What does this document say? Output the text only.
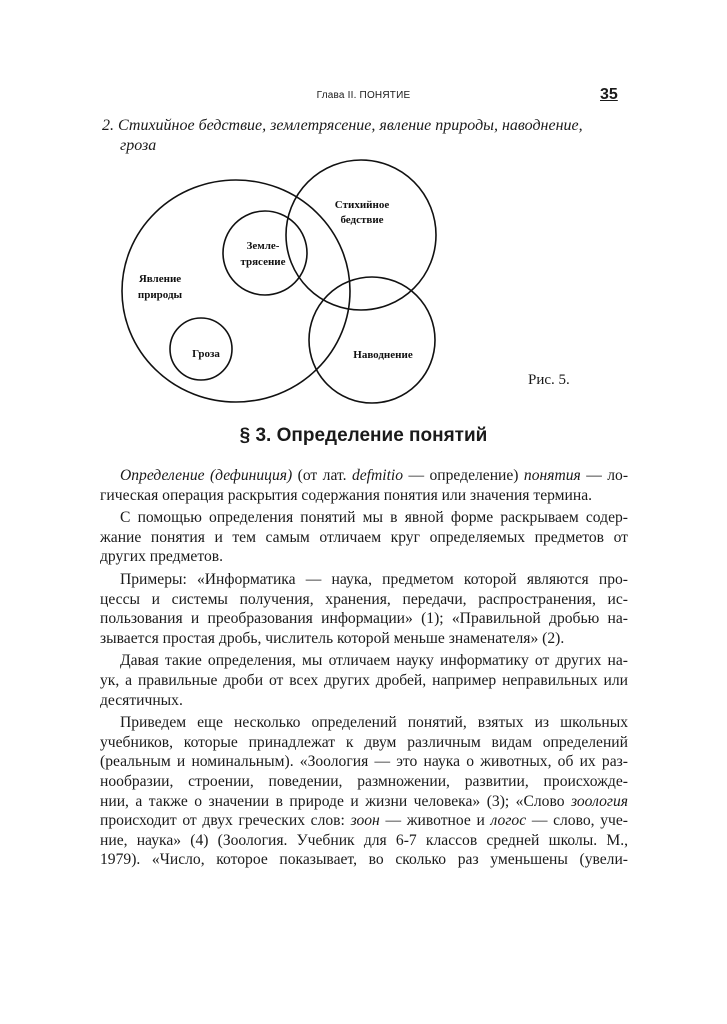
Глава II. ПОНЯТИЕ	35
2. Стихийное бедствие, землетрясение, явление природы, наводнение,
гроза
Явление
природы
Земле-
трясение
Стихийное
бедствие
Гроза	Наводнение
Рис. 5.
§ 3. Определение понятий
Определение (дефиниция) (от лат. defmitio — определение) понятия — ло-
гическая операция раскрытия содержания понятия или значения термина.
С помощью определения понятий мы в явной форме раскрываем содер-
жание понятия и тем самым отличаем круг определяемых предметов от
других предметов.
Примеры: «Информатика — наука, предметом которой являются про-
цессы и системы получения, хранения, передачи, распространения, ис-
пользования и преобразования информации» (1); «Правильной дробью на-
зывается простая дробь, числитель которой меньше знаменателя» (2).
Давая такие определения, мы отличаем науку информатику от других на-
ук, а правильные дроби от всех других дробей, например неправильных или
десятичных.
Приведем еще несколько определений понятий, взятых из школьных
учебников, которые принадлежат к двум различным видам определений
(реальным и номинальным). «Зоология — это наука о животных, об их раз-
нообразии, строении, поведении, размножении, развитии, происхожде-
нии, а также о значении в природе и жизни человека» (3); «Слово зоология
происходит от двух греческих слов: зоон — животное и логос — слово, уче-
ние, наука» (4) (Зоология. Учебник для 6-7 классов средней школы. М.,
1979). «Число, которое показывает, во сколько раз уменьшены (увели-
